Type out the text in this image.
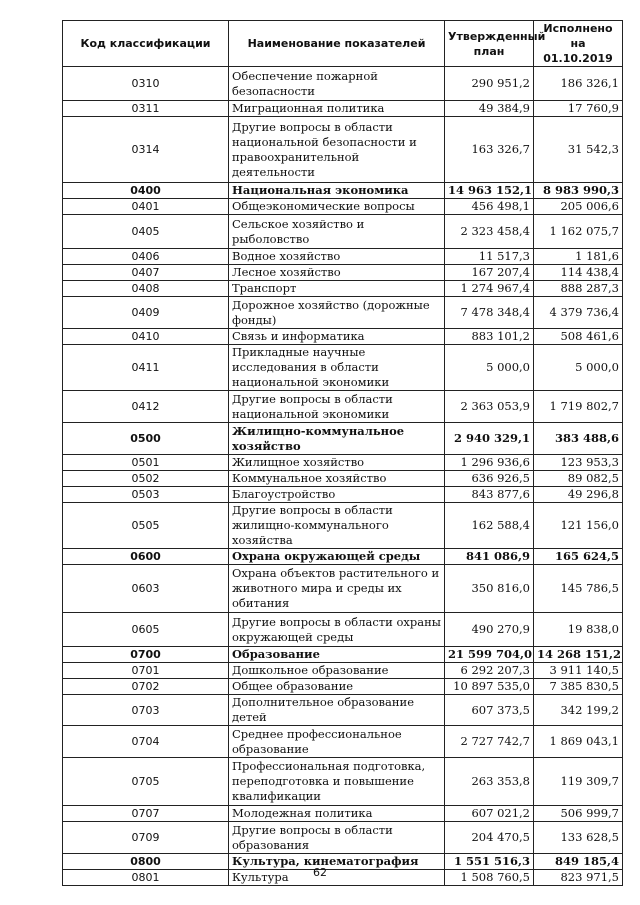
Код классификации	Наименование показателей	Утвержденный план	Исполнено на 01.10.2019
0310	Обеспечение пожарной безопасности	290 951,2	186 326,1
0311	Миграционная политика	49 384,9	17 760,9
0314	Другие вопросы в области национальной безопасности и правоохранительной деятельности	163 326,7	31 542,3
0400	Национальная экономика	14 963 152,1	8 983 990,3
0401	Общеэкономические вопросы	456 498,1	205 006,6
0405	Сельское хозяйство и рыболовство	2 323 458,4	1 162 075,7
0406	Водное хозяйство	11 517,3	1 181,6
0407	Лесное хозяйство	167 207,4	114 438,4
0408	Транспорт	1 274 967,4	888 287,3
0409	Дорожное хозяйство (дорожные фонды)	7 478 348,4	4 379 736,4
0410	Связь и информатика	883 101,2	508 461,6
0411	Прикладные научные исследования в области национальной экономики	5 000,0	5 000,0
0412	Другие вопросы в области национальной экономики	2 363 053,9	1 719 802,7
0500	Жилищно-коммунальное хозяйство	2 940 329,1	383 488,6
0501	Жилищное хозяйство	1 296 936,6	123 953,3
0502	Коммунальное хозяйство	636 926,5	89 082,5
0503	Благоустройство	843 877,6	49 296,8
0505	Другие вопросы в области жилищно-коммунального хозяйства	162 588,4	121 156,0
0600	Охрана окружающей среды	841 086,9	165 624,5
0603	Охрана объектов растительного и животного мира и среды их обитания	350 816,0	145 786,5
0605	Другие вопросы в области охраны окружающей среды	490 270,9	19 838,0
0700	Образование	21 599 704,0	14 268 151,2
0701	Дошкольное образование	6 292 207,3	3 911 140,5
0702	Общее образование	10 897 535,0	7 385 830,5
0703	Дополнительное образование детей	607 373,5	342 199,2
0704	Среднее профессиональное образование	2 727 742,7	1 869 043,1
0705	Профессиональная подготовка, переподготовка и повышение квалификации	263 353,8	119 309,7
0707	Молодежная политика	607 021,2	506 999,7
0709	Другие вопросы в области образования	204 470,5	133 628,5
0800	Культура, кинематография	1 551 516,3	849 185,4
0801	Культура	1 508 760,5	823 971,5
62
